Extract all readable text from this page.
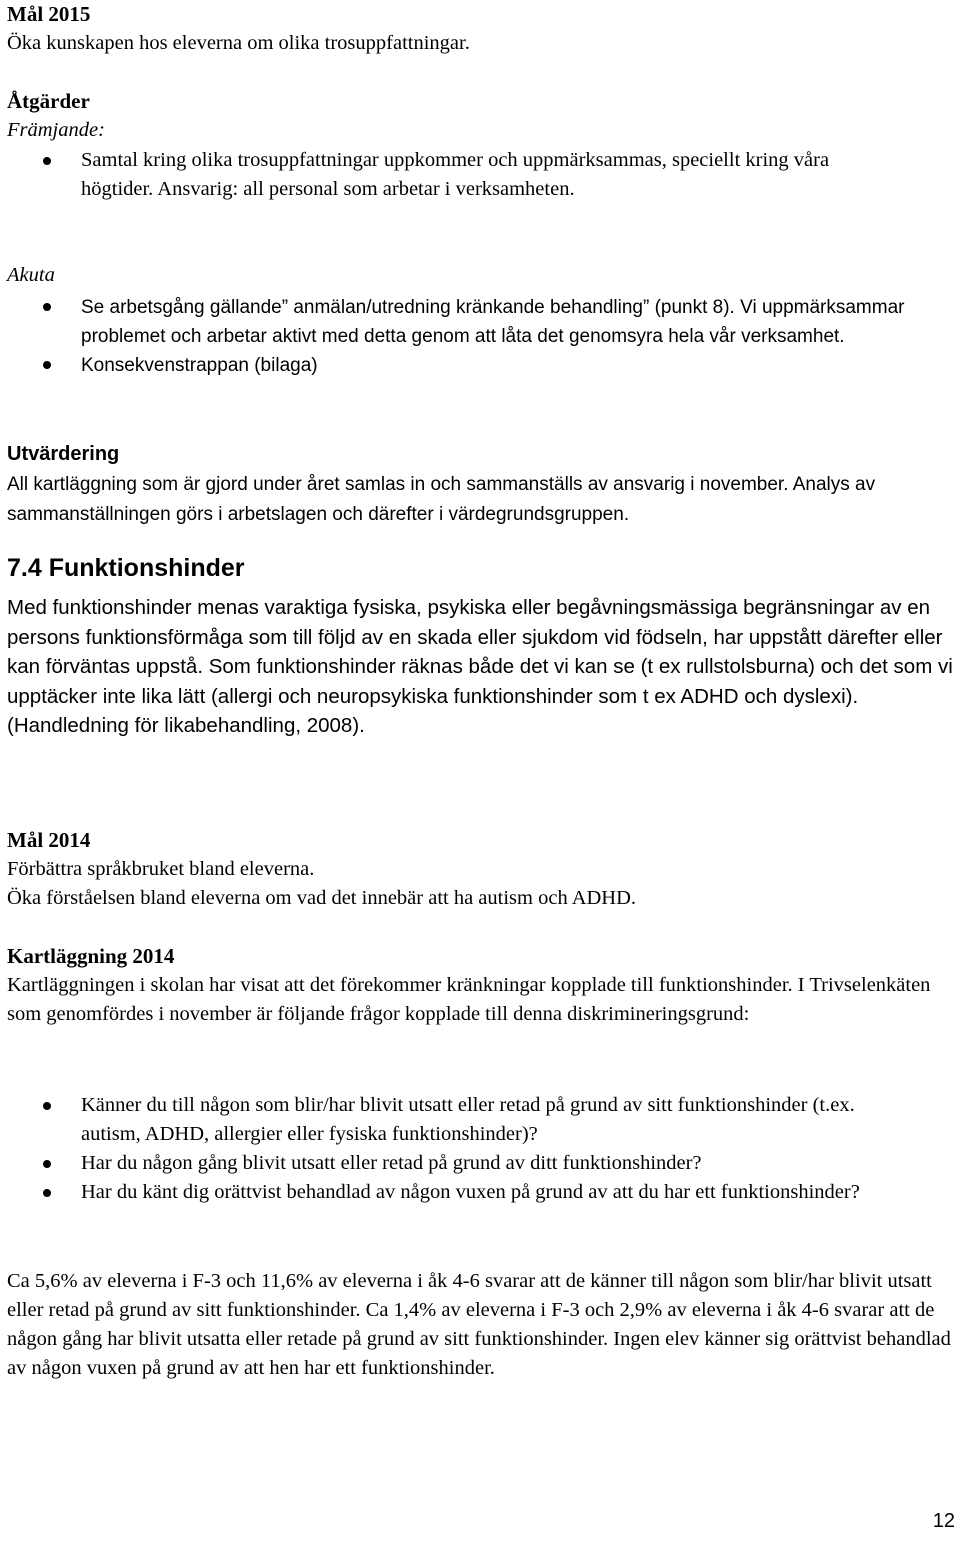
Mål 2015

Öka kunskapen hos eleverna om olika trosuppfattningar.

Åtgärder

Främjande:

Samtal kring olika trosuppfattningar uppkommer och uppmärksammas, speciellt kring våra högtider. Ansvarig: all personal som arbetar i verksamheten.

Akuta

Se arbetsgång gällande” anmälan/utredning kränkande behandling” (punkt 8). Vi uppmärksammar problemet och arbetar aktivt med detta genom att låta det genomsyra hela vår verksamhet.
Konsekvenstrappan (bilaga)

Utvärdering

All kartläggning som är gjord under året samlas in och sammanställs av ansvarig i november. Analys av sammanställningen görs i arbetslagen och därefter i värdegrundsgruppen.

7.4 Funktionshinder

Med funktionshinder menas varaktiga fysiska, psykiska eller begåvningsmässiga begränsningar av en persons funktionsförmåga som till följd av en skada eller sjukdom vid födseln, har uppstått därefter eller kan förväntas uppstå. Som funktionshinder räknas både det vi kan se (t ex rullstolsburna) och det som vi upptäcker inte lika lätt (allergi och neuropsykiska funktionshinder som t ex ADHD och dyslexi). (Handledning för likabehandling, 2008).

Mål 2014

Förbättra språkbruket bland eleverna.

Öka förståelsen bland eleverna om vad det innebär att ha autism och ADHD.

Kartläggning 2014

Kartläggningen i skolan har visat att det förekommer kränkningar kopplade till funktionshinder. I Trivselenkäten som genomfördes i november är följande frågor kopplade till denna diskrimineringsgrund:

Känner du till någon som blir/har blivit utsatt eller retad på grund av sitt funktionshinder (t.ex. autism, ADHD, allergier eller fysiska funktionshinder)?
Har du någon gång blivit utsatt eller retad på grund av ditt funktionshinder?
Har du känt dig orättvist behandlad av någon vuxen på grund av att du har ett funktionshinder?

Ca 5,6% av eleverna i F-3 och 11,6% av eleverna i åk 4-6 svarar att de känner till någon som blir/har blivit utsatt eller retad på grund av sitt funktionshinder. Ca 1,4% av eleverna i F-3 och 2,9% av eleverna i åk 4-6 svarar att de någon gång har blivit utsatta eller retade på grund av sitt funktionshinder. Ingen elev känner sig orättvist behandlad av någon vuxen på grund av att hen har ett funktionshinder.

12
